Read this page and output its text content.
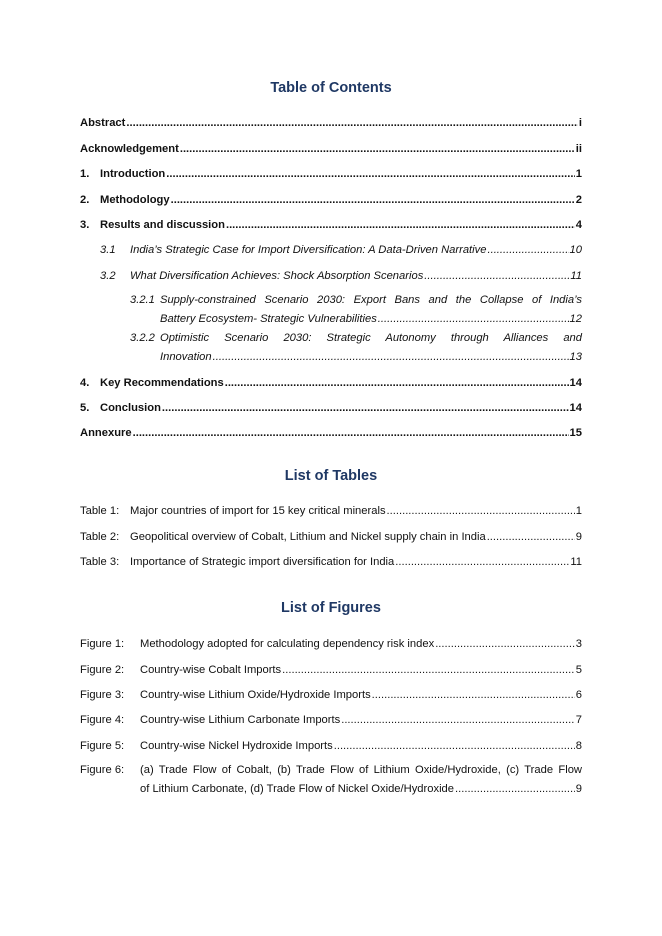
Table of Contents
Abstract .....	i
Acknowledgement .....	ii
1. Introduction .....	1
2. Methodology .....	2
3. Results and discussion .....	4
3.1	India’s Strategic Case for Import Diversification: A Data-Driven Narrative .....	10
3.2	What Diversification Achieves: Shock Absorption Scenarios .....	11
3.2.1 Supply-constrained Scenario 2030: Export Bans and the Collapse of India’s
Battery Ecosystem- Strategic Vulnerabilities .....	12
3.2.2 Optimistic Scenario 2030: Strategic Autonomy through Alliances and
Innovation .....	13
4. Key Recommendations .....	14
5. Conclusion .....	14
Annexure .....	15
List of Tables
Table 1: Major countries of import for 15 key critical minerals .....	1
Table 2: Geopolitical overview of Cobalt, Lithium and Nickel supply chain in India .....	9
Table 3: Importance of Strategic import diversification for India .....	11
List of Figures
Figure 1:	Methodology adopted for calculating dependency risk index .....	3
Figure 2:	Country-wise Cobalt Imports .....	5
Figure 3:	Country-wise Lithium Oxide/Hydroxide Imports .....	6
Figure 4:	Country-wise Lithium Carbonate Imports .....	7
Figure 5:	Country-wise Nickel Hydroxide Imports .....	8
Figure 6:	(a) Trade Flow of Cobalt, (b) Trade Flow of Lithium Oxide/Hydroxide, (c) Trade Flow
of Lithium Carbonate, (d) Trade Flow of Nickel Oxide/Hydroxide .....	9
